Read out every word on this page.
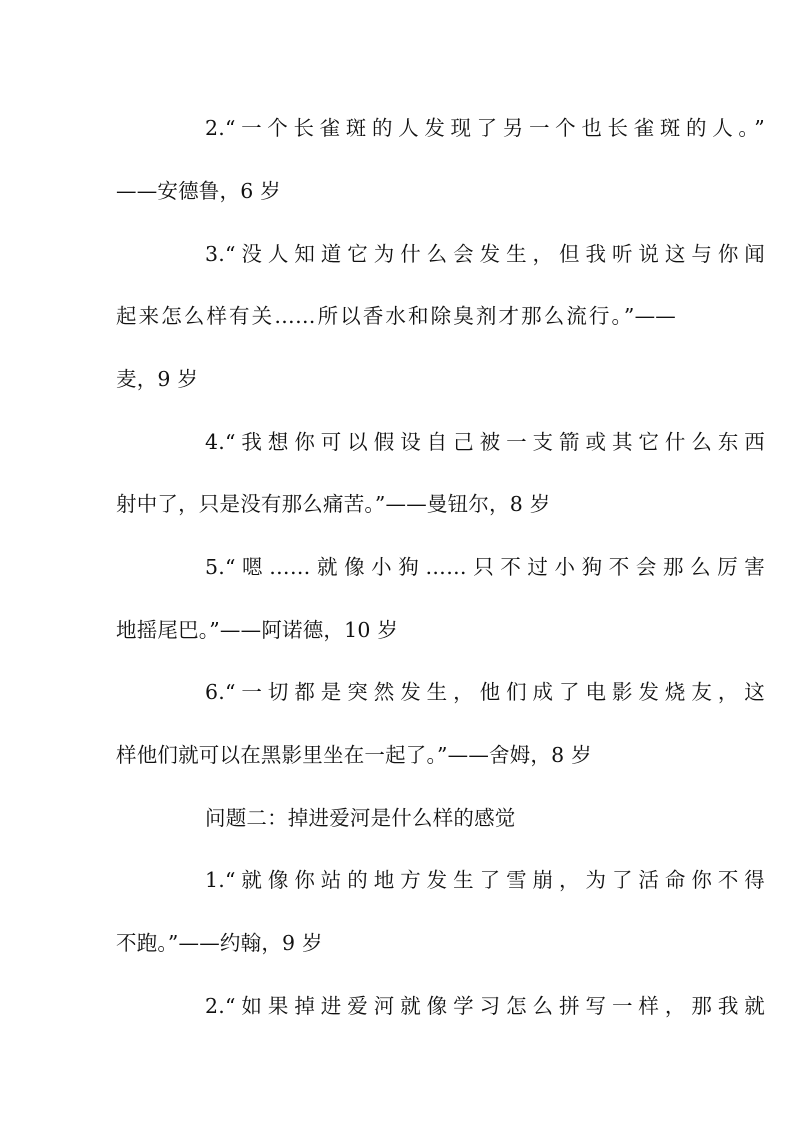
2.“一个长雀斑的人发现了另一个也长雀斑的人。”
——安德鲁，6 岁
3.“没人知道它为什么会发生，但我听说这与你闻
起来怎么样有关……所以香水和除臭剂才那么流行。”——
麦，9 岁
4.“我想你可以假设自己被一支箭或其它什么东西
射中了，只是没有那么痛苦。”——曼钮尔，8 岁
5.“嗯……就像小狗……只不过小狗不会那么厉害
地摇尾巴。”——阿诺德，10 岁
6.“一切都是突然发生，他们成了电影发烧友，这
样他们就可以在黑影里坐在一起了。”——舍姆，8 岁
问题二：掉进爱河是什么样的感觉
1.“就像你站的地方发生了雪崩，为了活命你不得
不跑。”——约翰，9 岁
2.“如果掉进爱河就像学习怎么拼写一样，那我就
